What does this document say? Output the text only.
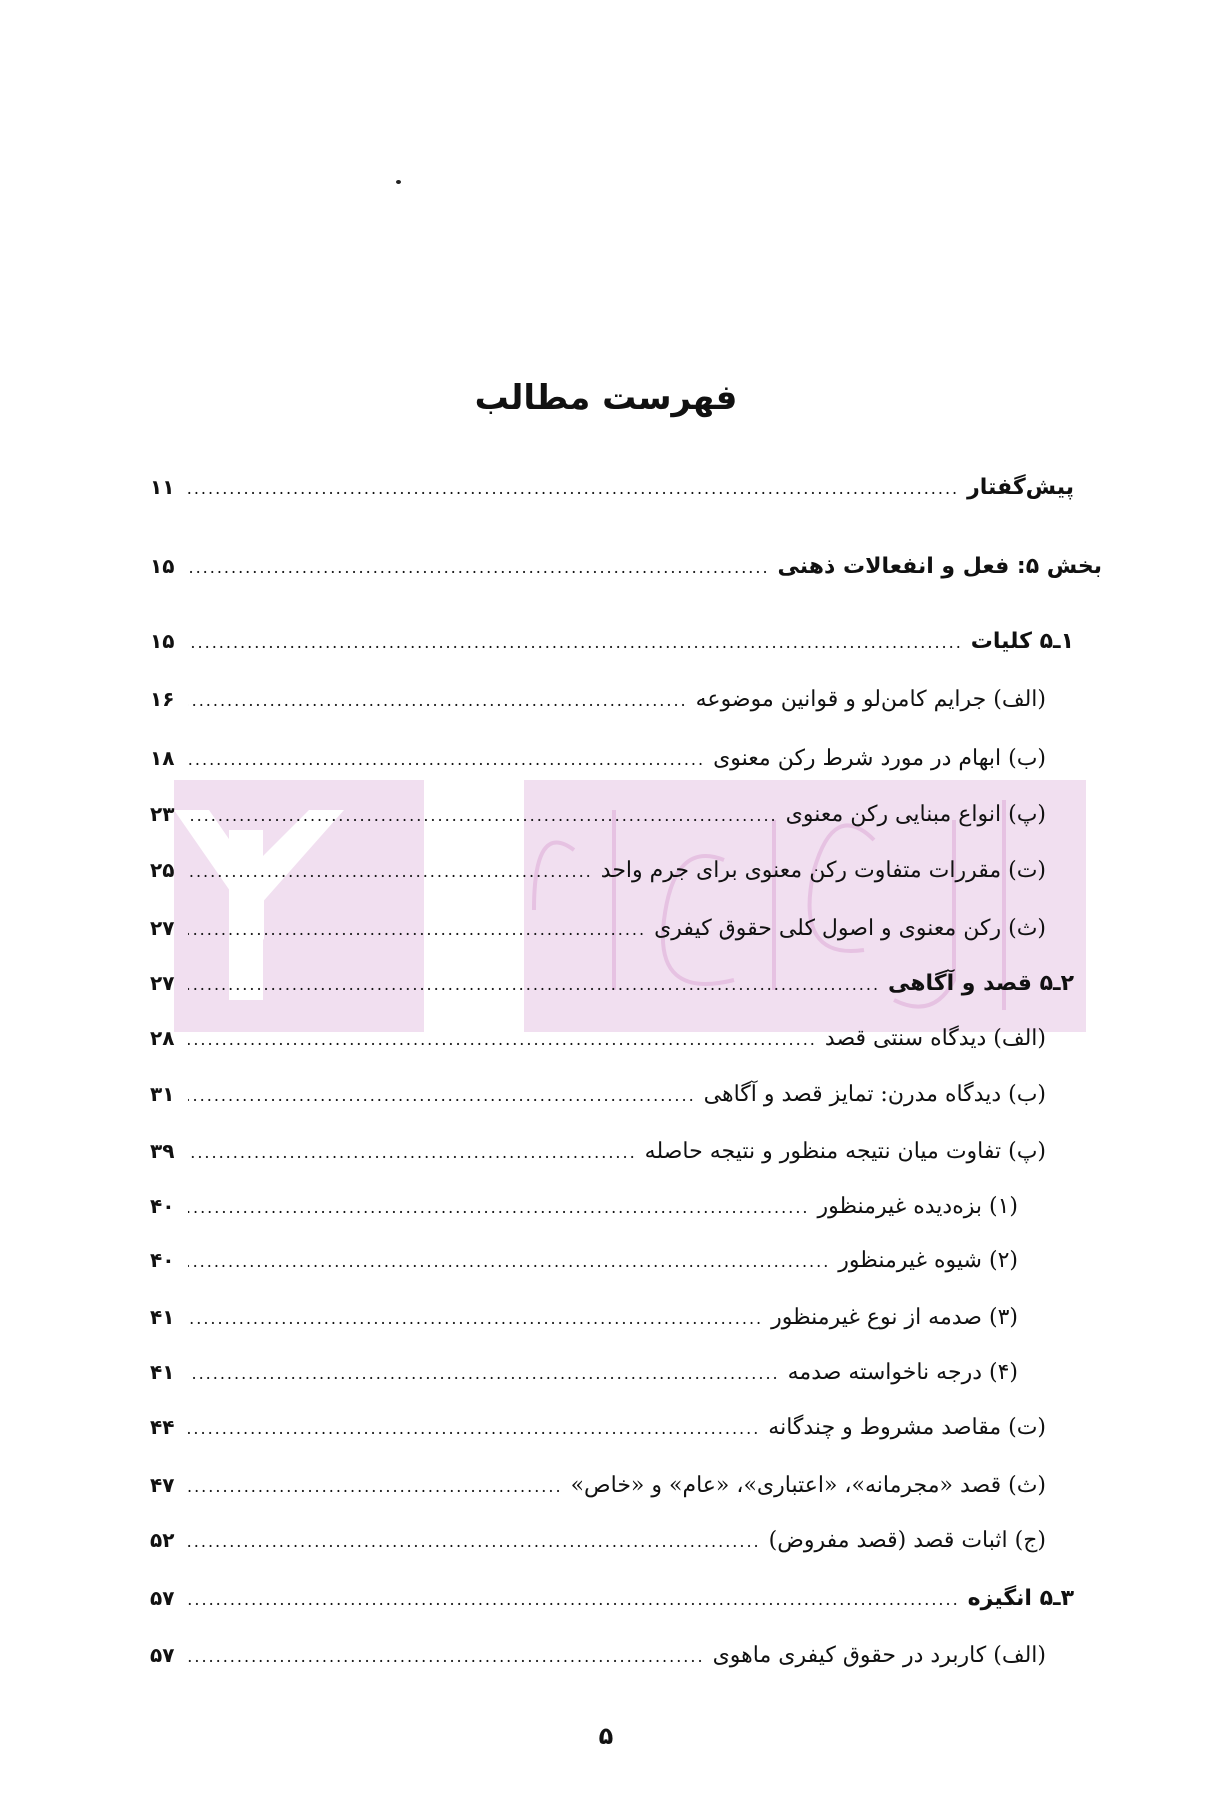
فهرست مطالب
پیش‌گفتار
.....
۱۱
بخش ۵: فعل و انفعالات ذهنی
.....
۱۵
۱ـ۵ کلیات
.....
۱۵
(الف) جرایم کامن‌لو و قوانین موضوعه
.....
۱۶
(ب) ابهام در مورد شرط رکن معنوی
.....
۱۸
(پ) انواع مبنایی رکن معنوی
.....
۲۳
(ت) مقررات متفاوت رکن معنوی برای جرم واحد
.....
۲۵
(ث) رکن معنوی و اصول کلی حقوق کیفری
.....
۲۷
۲ـ۵ قصد و آگاهی
.....
۲۷
(الف) دیدگاه سنتی قصد
.....
۲۸
(ب) دیدگاه مدرن: تمایز قصد و آگاهی
.....
۳۱
(پ) تفاوت میان نتیجه منظور و نتیجه حاصله
.....
۳۹
(۱) بزه‌دیده غیرمنظور
.....
۴۰
(۲) شیوه غیرمنظور
.....
۴۰
(۳) صدمه از نوع غیرمنظور
.....
۴۱
(۴) درجه ناخواسته صدمه
.....
۴۱
(ت) مقاصد مشروط و چندگانه
.....
۴۴
(ث) قصد «مجرمانه»، «اعتباری»، «عام» و «خاص»
.....
۴۷
(ج) اثبات قصد (قصد مفروض)
.....
۵۲
۳ـ۵ انگیزه
.....
۵۷
(الف) کاربرد در حقوق کیفری ماهوی
.....
۵۷
۵
